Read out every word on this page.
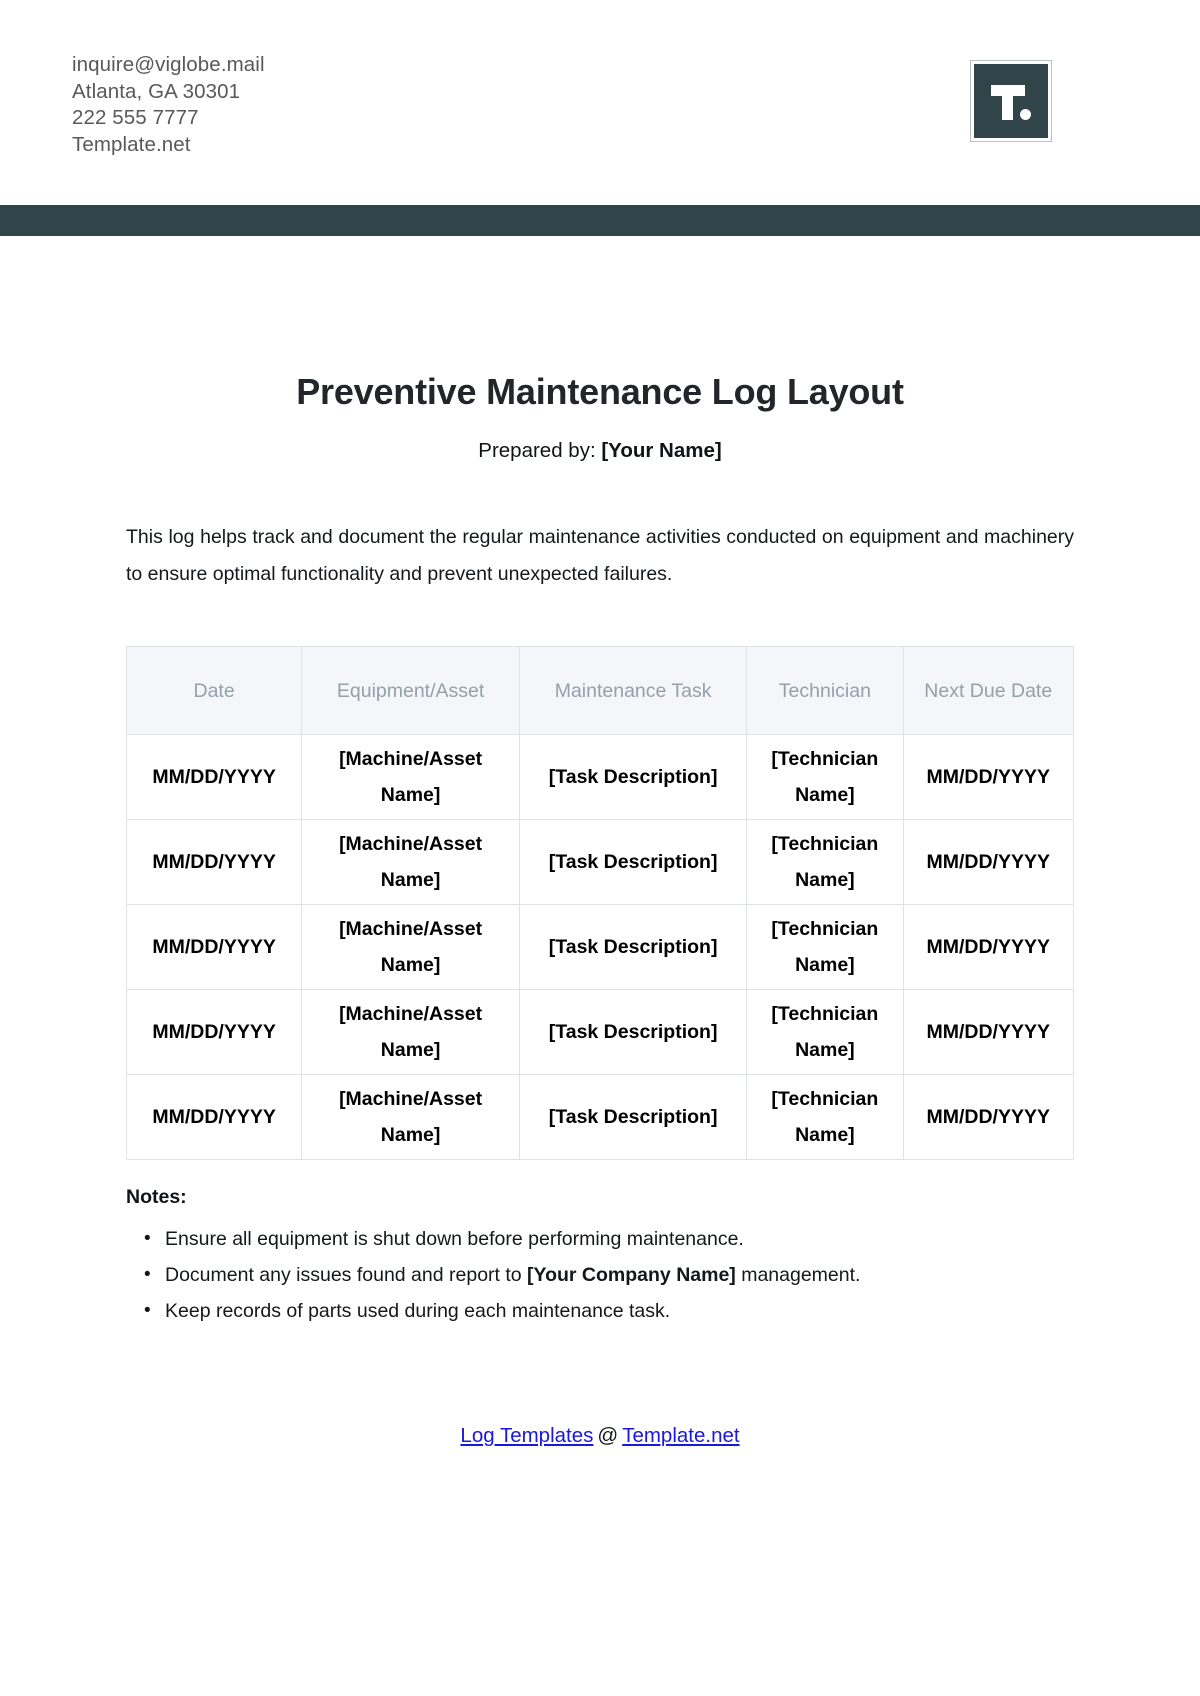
inquire@viglobe.mail
Atlanta, GA 30301
222 555 7777
Template.net
Preventive Maintenance Log Layout

Prepared by: [Your Name]

This log helps track and document the regular maintenance activities conducted on equipment and machinery to ensure optimal functionality and prevent unexpected failures.

Date	Equipment/Asset	Maintenance Task	Technician	Next Due Date
MM/DD/YYYY	[Machine/Asset Name]	[Task Description]	[Technician Name]	MM/DD/YYYY
MM/DD/YYYY	[Machine/Asset Name]	[Task Description]	[Technician Name]	MM/DD/YYYY
MM/DD/YYYY	[Machine/Asset Name]	[Task Description]	[Technician Name]	MM/DD/YYYY
MM/DD/YYYY	[Machine/Asset Name]	[Task Description]	[Technician Name]	MM/DD/YYYY
MM/DD/YYYY	[Machine/Asset Name]	[Task Description]	[Technician Name]	MM/DD/YYYY

Notes:

• Ensure all equipment is shut down before performing maintenance.
• Document any issues found and report to [Your Company Name] management.
• Keep records of parts used during each maintenance task.
Log Templates @ Template.net
